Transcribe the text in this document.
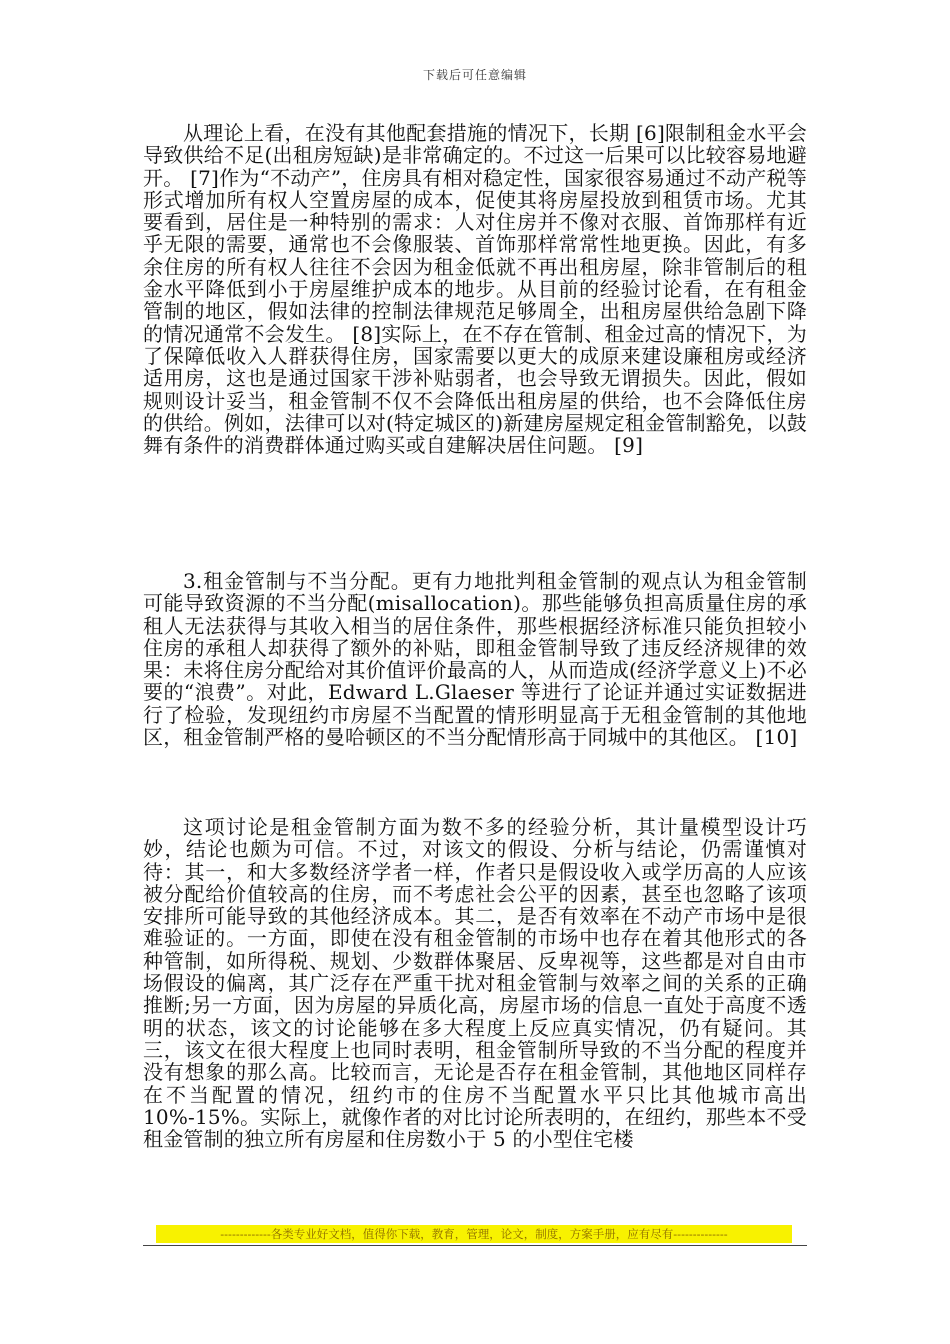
下载后可任意编辑

从理论上看，在没有其他配套措施的情况下，长期 [6]限制租金水平会导致供给不足(出租房短缺)是非常确定的。不过这一后果可以比较容易地避开。 [7]作为“不动产”，住房具有相对稳定性，国家很容易通过不动产税等形式增加所有权人空置房屋的成本，促使其将房屋投放到租赁市场。尤其要看到，居住是一种特别的需求：人对住房并不像对衣服、首饰那样有近乎无限的需要，通常也不会像服装、首饰那样常常性地更换。因此，有多余住房的所有权人往往不会因为租金低就不再出租房屋，除非管制后的租金水平降低到小于房屋维护成本的地步。从目前的经验讨论看，在有租金管制的地区，假如法律的控制法律规范足够周全，出租房屋供给急剧下降的情况通常不会发生。 [8]实际上，在不存在管制、租金过高的情况下，为了保障低收入人群获得住房，国家需要以更大的成原来建设廉租房或经济适用房，这也是通过国家干涉补贴弱者，也会导致无谓损失。因此，假如规则设计妥当，租金管制不仅不会降低出租房屋的供给，也不会降低住房的供给。例如，法律可以对(特定城区的)新建房屋规定租金管制豁免，以鼓舞有条件的消费群体通过购买或自建解决居住问题。 [9]

3.租金管制与不当分配。更有力地批判租金管制的观点认为租金管制可能导致资源的不当分配(misallocation)。那些能够负担高质量住房的承租人无法获得与其收入相当的居住条件，那些根据经济标准只能负担较小住房的承租人却获得了额外的补贴，即租金管制导致了违反经济规律的效果：未将住房分配给对其价值评价最高的人，从而造成(经济学意义上)不必要的“浪费”。对此，Edward L.Glaeser 等进行了论证并通过实证数据进行了检验，发现纽约市房屋不当配置的情形明显高于无租金管制的其他地区，租金管制严格的曼哈顿区的不当分配情形高于同城中的其他区。 [10]

这项讨论是租金管制方面为数不多的经验分析，其计量模型设计巧妙，结论也颇为可信。不过，对该文的假设、分析与结论，仍需谨慎对待：其一，和大多数经济学者一样，作者只是假设收入或学历高的人应该被分配给价值较高的住房，而不考虑社会公平的因素，甚至也忽略了该项安排所可能导致的其他经济成本。其二，是否有效率在不动产市场中是很难验证的。一方面，即使在没有租金管制的市场中也存在着其他形式的各种管制，如所得税、规划、少数群体聚居、反卑视等，这些都是对自由市场假设的偏离，其广泛存在严重干扰对租金管制与效率之间的关系的正确推断;另一方面，因为房屋的异质化高，房屋市场的信息一直处于高度不透明的状态，该文的讨论能够在多大程度上反应真实情况，仍有疑问。其三，该文在很大程度上也同时表明，租金管制所导致的不当分配的程度并没有想象的那么高。比较而言，无论是否存在租金管制，其他地区同样存在不当配置的情况，纽约市的住房不当配置水平只比其他城市高出 10%-15%。实际上，就像作者的对比讨论所表明的，在纽约，那些本不受租金管制的独立所有房屋和住房数小于 5 的小型住宅楼

-------------各类专业好文档，值得你下载，教育，管理，论文，制度，方案手册，应有尽有--------------
